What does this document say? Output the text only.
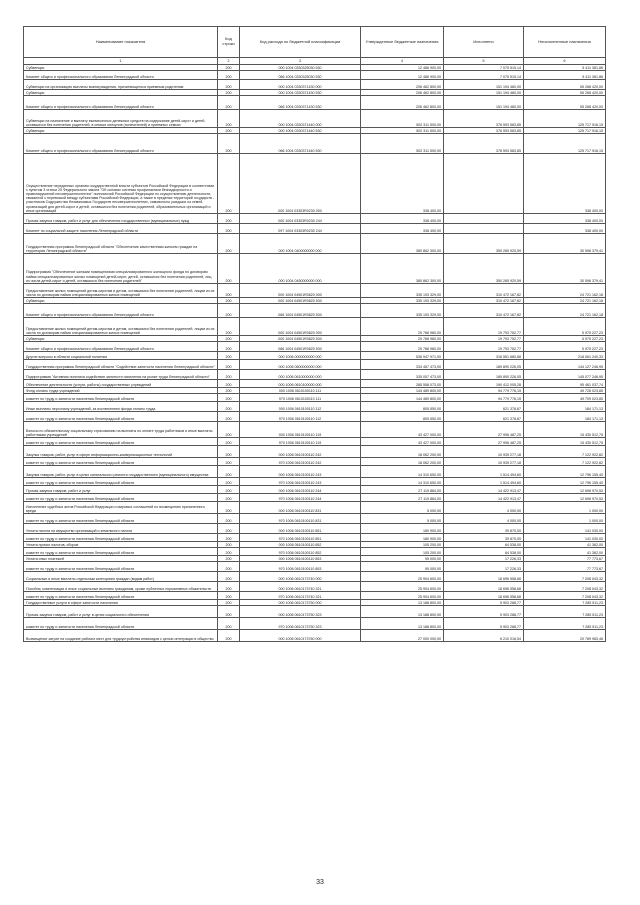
Наименование показателя	Код строки	Код расхода по бюджетной классификации	Утвержденные бюджетные назначения	Исполнено	Неисполненные назначения
1	2	3	4	5	6
Субвенции	200	000 1004 0330325030 530	12 486 900,00	7 075 515,14	5 411 381,86
Комитет общего и профессионального образования Ленинградской области	200	066 1004 0330325030 530	12 486 900,00	7 075 515,14	5 411 381,86
Субвенции на организацию выплаты вознаграждения, причитающегося приемным родителям	200	000 1004 0330371430 000	206 462 800,00	151 194 480,00	55 268 420,00
Субвенции	200	000 1004 0330371430 530	206 462 800,00	151 194 480,00	55 268 420,00
Комитет общего и профессионального образования Ленинградской области	200	066 1004 0330371430 530	206 462 800,00	151 194 480,00	55 268 420,00
Субвенции на назначение и выплату ежемесячных денежных средств на содержание детей-сирот и детей, оставшихся без попечения родителей, в семьях опекунов (попечителей) и приемных семьях	200	000 1004 0330371440 000	502 311 500,00	376 593 583,85	125 717 916,15
Субвенции	200	000 1004 0330371440 530	502 311 500,00	376 593 583,85	125 717 916,15
Комитет общего и профессионального образования Ленинградской области	200	066 1004 0330371440 530	502 311 500,00	376 593 583,85	125 717 916,15
Осуществление переданных органам государственной власти субъектов Российской Федерации в соответствии с пунктом 3 статьи 25 Федерального закона "Об основах системы профилактики безнадзорности и правонарушений несовершеннолетних" полномочий Российской Федерации по осуществлению деятельности, связанной с перевозкой между субъектами Российской Федерации, а также в пределах территорий государств - участников Содружества Независимых Государств несовершеннолетних, самовольно ушедших из семей, организаций для детей-сирот и детей, оставшихся без попечения родителей, образовательных организаций и иных организаций	200	000 1004 03303R0230 000	338 400,00		338 400,00
Прочая закупка товаров, работ и услуг для обеспечения государственных (муниципальных) нужд	200	000 1004 03303R0230 244	338 400,00		338 400,00
Комитет по социальной защите населения Ленинградской области	200	097 1004 03303R0230 244	338 400,00		338 400,00
Государственная программа Ленинградской области "Обеспечение качественным жильем граждан на территории Ленинградской области"	200	000 1004 0400000000 000	380 862 300,00	350 265 920,59	30 596 379,41
Подпрограмма "Обеспечение жилыми помещениями специализированного жилищного фонда по договорам найма специализированных жилых помещений детей-сирот, детей, оставшихся без попечения родителей, лиц из числа детей-сирот и детей, оставшихся без попечения родителей"	200	000 1004 0450000000 000	380 862 300,00	350 265 920,59	30 596 379,41
Предоставление жилых помещений детям-сиротам и детям, оставшимся без попечения родителей, лицам из их числа по договорам найма специализированных жилых помещений	200	000 1004 04501R0820 000	335 193 329,00	310 472 167,82	24 721 162,18
Субвенции	200	000 1004 04501R0820 530	335 193 329,00	310 472 167,82	24 721 162,18
Комитет общего и профессионального образования Ленинградской области	200	066 1004 04501R0820 530	335 193 329,00	310 472 167,82	24 721 162,18
Предоставление жилых помещений детям-сиротам и детям, оставшимся без попечения родителей, лицам из их числа по договорам найма специализированных жилых помещений	200	000 1004 04501R0820 000	25 768 980,00	19 793 752,77	5 975 227,23
Субвенции	200	000 1004 04501R0820 530	25 768 980,00	19 793 752,77	5 975 227,23
Комитет общего и профессионального образования Ленинградской области	200	066 1004 04501R0820 530	25 768 980,00	19 793 752,77	5 975 227,23
Другие вопросы в области социальной политики	200	000 1006 0000000000 000	536 947 971,00	316 551 680,68	218 061 240,33
Государственная программа Ленинградской области "Содействие занятости населения Ленинградской области"	200	000 1006 0600000000 000	334 467 473,00	189 890 226,05	144 127 246,95
Подпрограмма "Активная политика содействия занятости населения на рынке труда Ленинградской области"	200	000 1006 0610000000 000	335 057 473,00	189 890 226,05	145 077 246,95
Обеспечение деятельности (услуги, работы) государственных учреждений	200	000 1006 0610100000 000	285 558 073,00	190 412 005,28	95 461 037,74
Фонд оплаты труда учреждений	200	000 1006 0610100110 111	144 489 800,00	94 779 776,15	49 726 023,85
комитет по труду и занятости населения Ленинградской области	200	970 1006 0610100110 111	144 489 800,00	94 779 776,15	49 709 023,85
Иные выплаты персоналу учреждений, за исключением фонда оплаты труда	200	000 1006 0610100110 112	805 550,00	621 378,87	184 171,13
комитет по труду и занятости населения Ленинградской области	200	970 1006 0610100110 112	805 550,00	621 378,87	184 171,13
Взносы по обязательному социальному страхованию на выплаты по оплате труда работников и иные выплаты работникам учреждений	200	000 1006 0610100110 119	43 427 000,00	27 996 487,25	15 430 512,75
комитет по труду и занятости населения Ленинградской области	200	970 1006 0610100110 119	43 427 000,00	27 996 487,25	15 430 512,75
Закупка товаров, работ, услуг в сфере информационно-коммуникационных технологий	200	000 1006 0610100110 242	18 062 200,00	10 939 277,18	7 122 922,82
комитет по труду и занятости населения Ленинградской области	200	970 1006 0610100110 242	18 062 200,00	10 939 277,18	7 122 922,82
Закупка товаров, работ, услуг в целях капитального ремонта государственного (муниципального) имущества	200	000 1006 0610100110 243	14 310 650,00	1 514 494,60	12 796 155,40
комитет по труду и занятости населения Ленинградской области	200	970 1006 0610100110 243	14 310 650,00	1 514 494,60	12 796 155,40
Прочая закупка товаров, работ и услуг	200	000 1006 0610100110 244	27 119 884,00	14 422 913,47	12 696 970,53
комитет по труду и занятости населения Ленинградской области	200	970 1006 0610100110 244	27 119 884,00	14 422 913,47	12 696 970,53
Исполнение судебных актов Российской Федерации и мировых соглашений по возмещению причиненного вреда	200	000 1006 0610100110 831	5 000,00	4 000,00	1 000,00
комитет по труду и занятости населения Ленинградской области	200	970 1006 0610100110 831	5 000,00	4 000,00	1 000,00
Уплата налога на имущество организаций и земельного налога	200	000 1006 0610100110 851	180 900,00	39 870,00	141 030,00
комитет по труду и занятости населения Ленинградской области	200	970 1006 0610100110 851	180 900,00	39 870,00	141 030,00
Уплата прочих налогов, сборов	200	000 1006 0610100110 852	105 200,00	64 538,00	41 362,00
комитет по труду и занятости населения Ленинградской области	200	970 1006 0610100110 852	105 200,00	64 538,00	41 362,00
Уплата иных платежей	200	000 1006 0610100110 853	95 000,00	17 226,33	77 773,67
комитет по труду и занятости населения Ленинградской области	200	970 1006 0610100110 853	95 000,00	17 226,33	77 773,67
Социальные и иные выплаты отдельным категориям граждан (видам работ)	200	000 1006 0610173740 000	25 904 600,00	18 696 558,66	7 208 043,32
Пособия, компенсации и иные социальные выплаты гражданам, кроме публичных нормативных обязательств	200	000 1006 0610173740 321	25 904 600,00	18 696 558,68	7 208 043,32
комитет по труду и занятости населения Ленинградской области	200	970 1006 0610173740 321	25 904 600,00	18 696 558,68	7 208 043,32
Государственные услуги в сфере занятости населения	200	000 1006 0610173750 000	13 188 800,00	5 903 288,77	7 285 511,23
Прочая закупка товаров, работ и услуг в целях социального обеспечения	200	000 1006 0610173750 323	13 188 800,00	5 903 288,77	7 285 511,23
комитет по труду и занятости населения Ленинградской области	200	970 1006 0610173750 323	13 188 800,00	5 903 288,77	7 285 511,23
Возмещение затрат на создание рабочих мест для трудоустройства инвалидов с целью интеграции в общество	200	000 1006 0610173760 000	27 000 000,00	6 210 016,54	20 789 983,46
33
